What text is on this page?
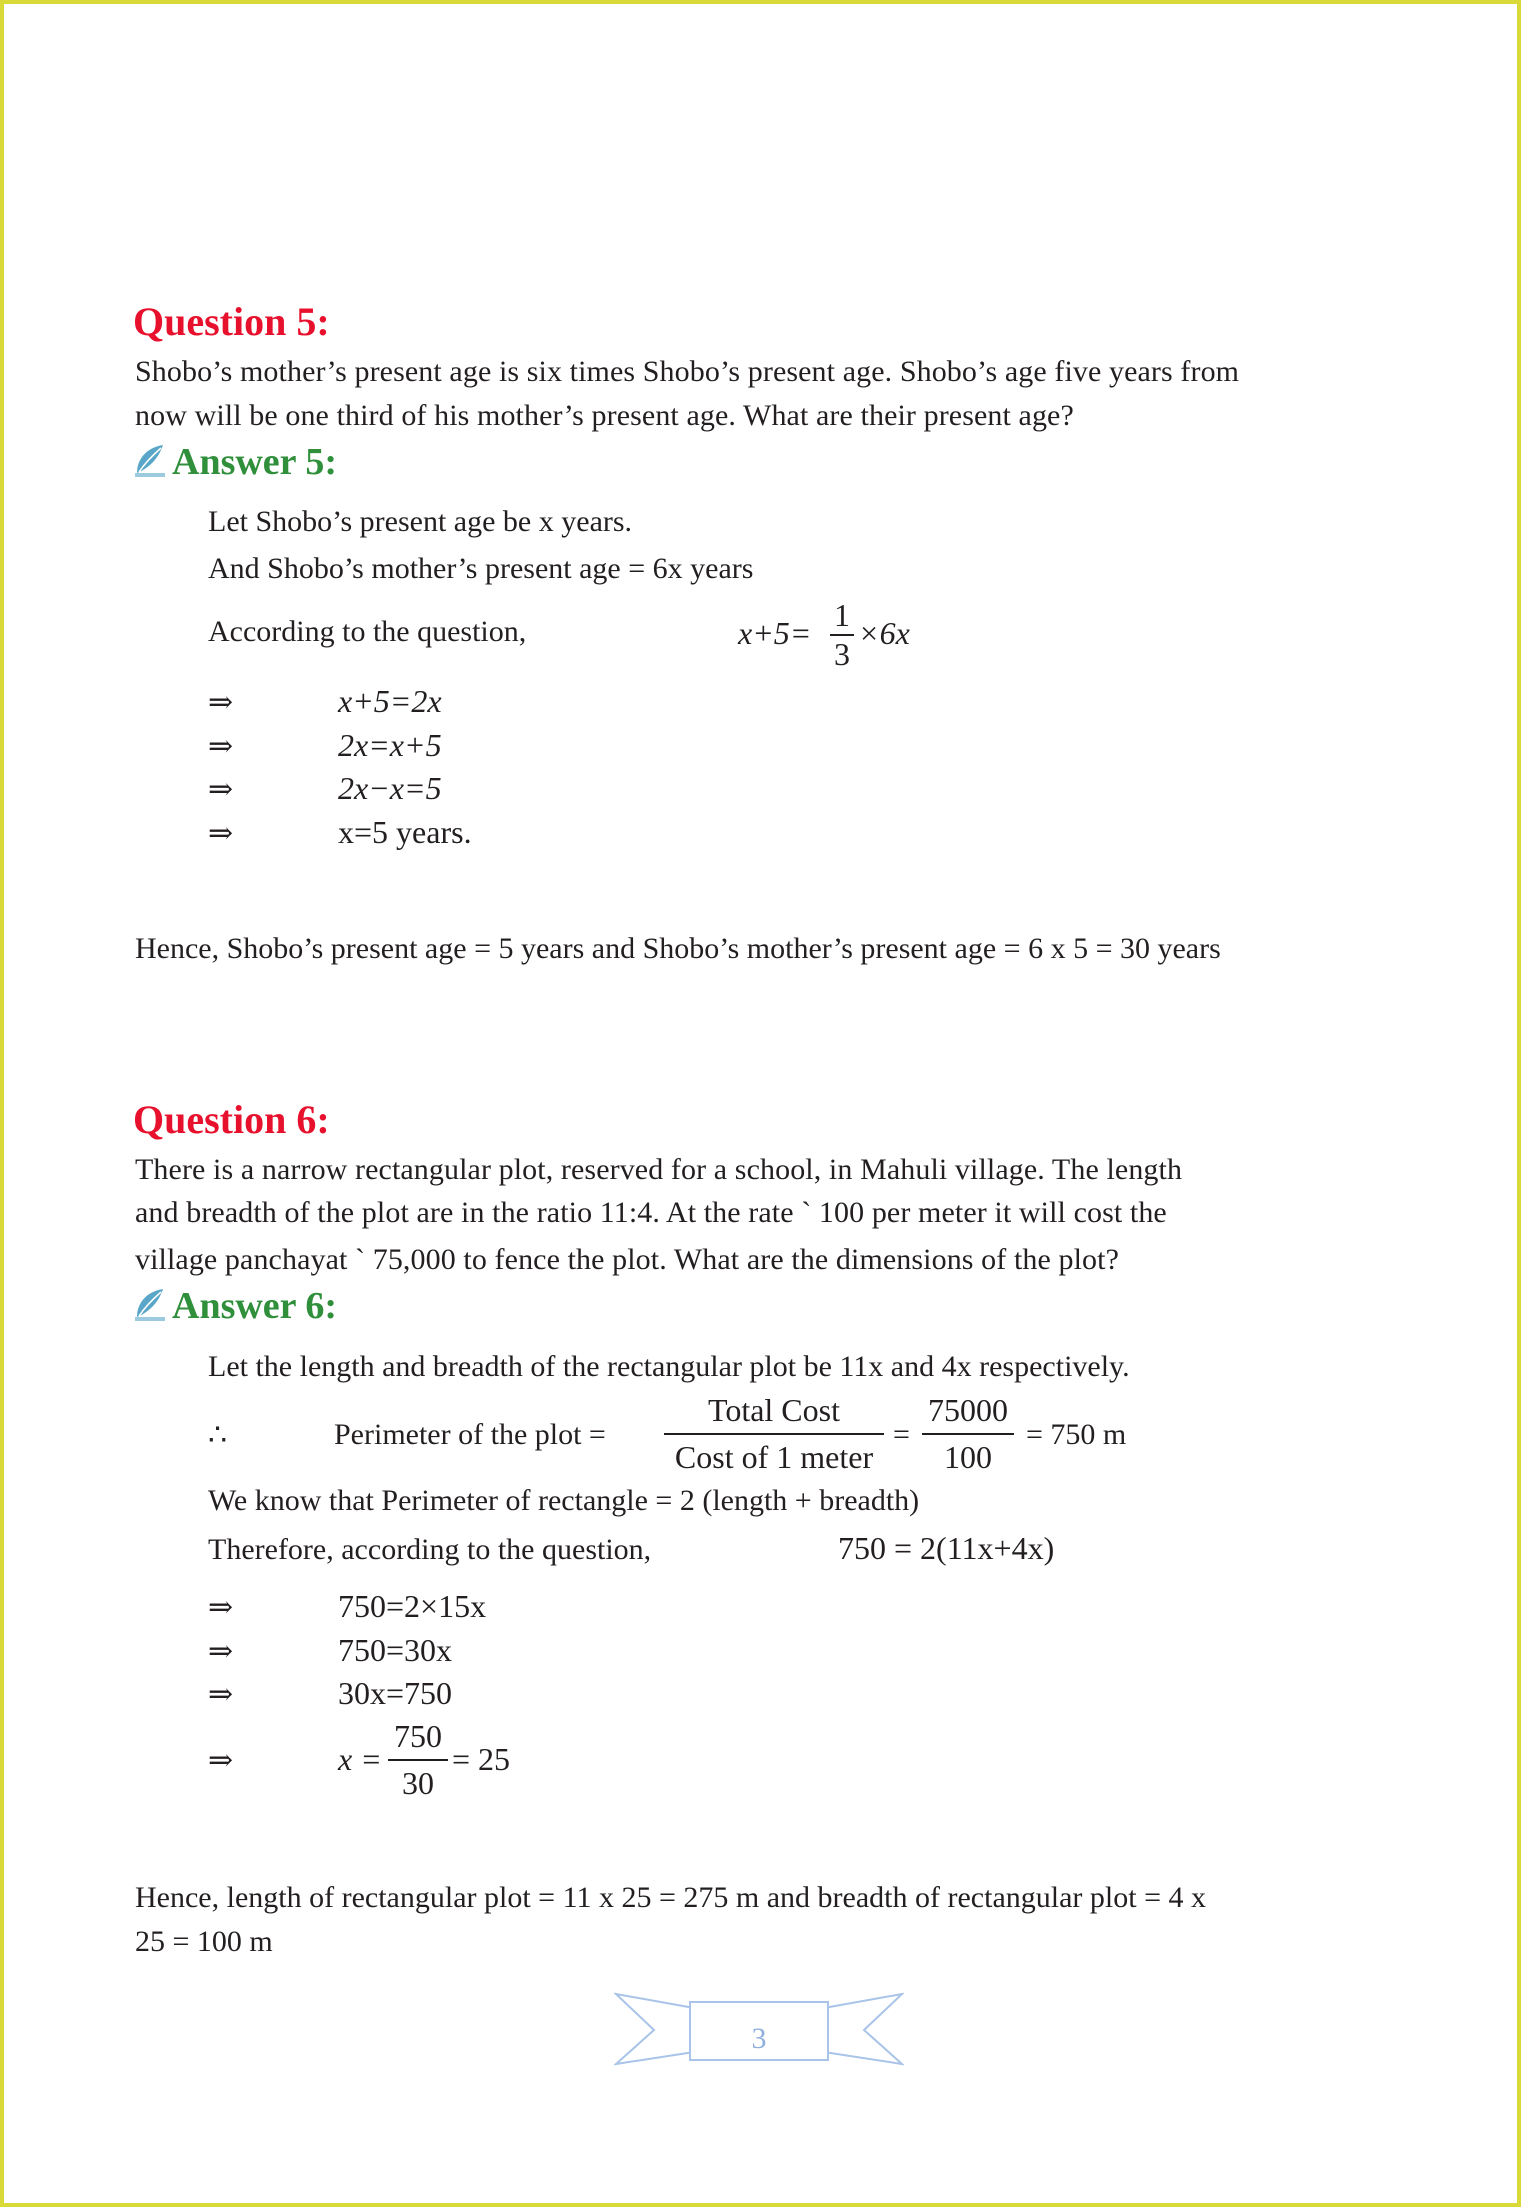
Question 5:
Shobo’s mother’s present age is six times Shobo’s present age. Shobo’s age five years from
now will be one third of his mother’s present age. What are their present age?
Answer 5:
Let Shobo’s present age be x years.
And Shobo’s mother’s present age = 6x years
According to the question,	x+5= 1
3
×6x
⇒	x+5=2x
⇒	2x=x+5
⇒	2x−x=5
⇒	x=5 years.
Hence, Shobo’s present age = 5 years and Shobo’s mother’s present age = 6 x 5 = 30 years
Question 6:
There is a narrow rectangular plot, reserved for a school, in Mahuli village. The length
and breadth of the plot are in the ratio 11:4. At the rate ` 100 per meter it will cost the
village panchayat ` 75,000 to fence the plot. What are the dimensions of the plot?
Answer 6:
Let the length and breadth of the rectangular plot be 11x and 4x respectively.
∴	Perimeter of the plot =
Total Cost
Cost of 1 meter
=
75000
100
= 750 m
We know that Perimeter of rectangle = 2 (length + breadth)
Therefore, according to the question,	750 = 2(11x+4x)
⇒	750=2×15x
⇒	750=30x
⇒	30x=750
⇒	x =
750
30
= 25
Hence, length of rectangular plot = 11 x 25 = 275 m and breadth of rectangular plot = 4 x
25 = 100 m
3
